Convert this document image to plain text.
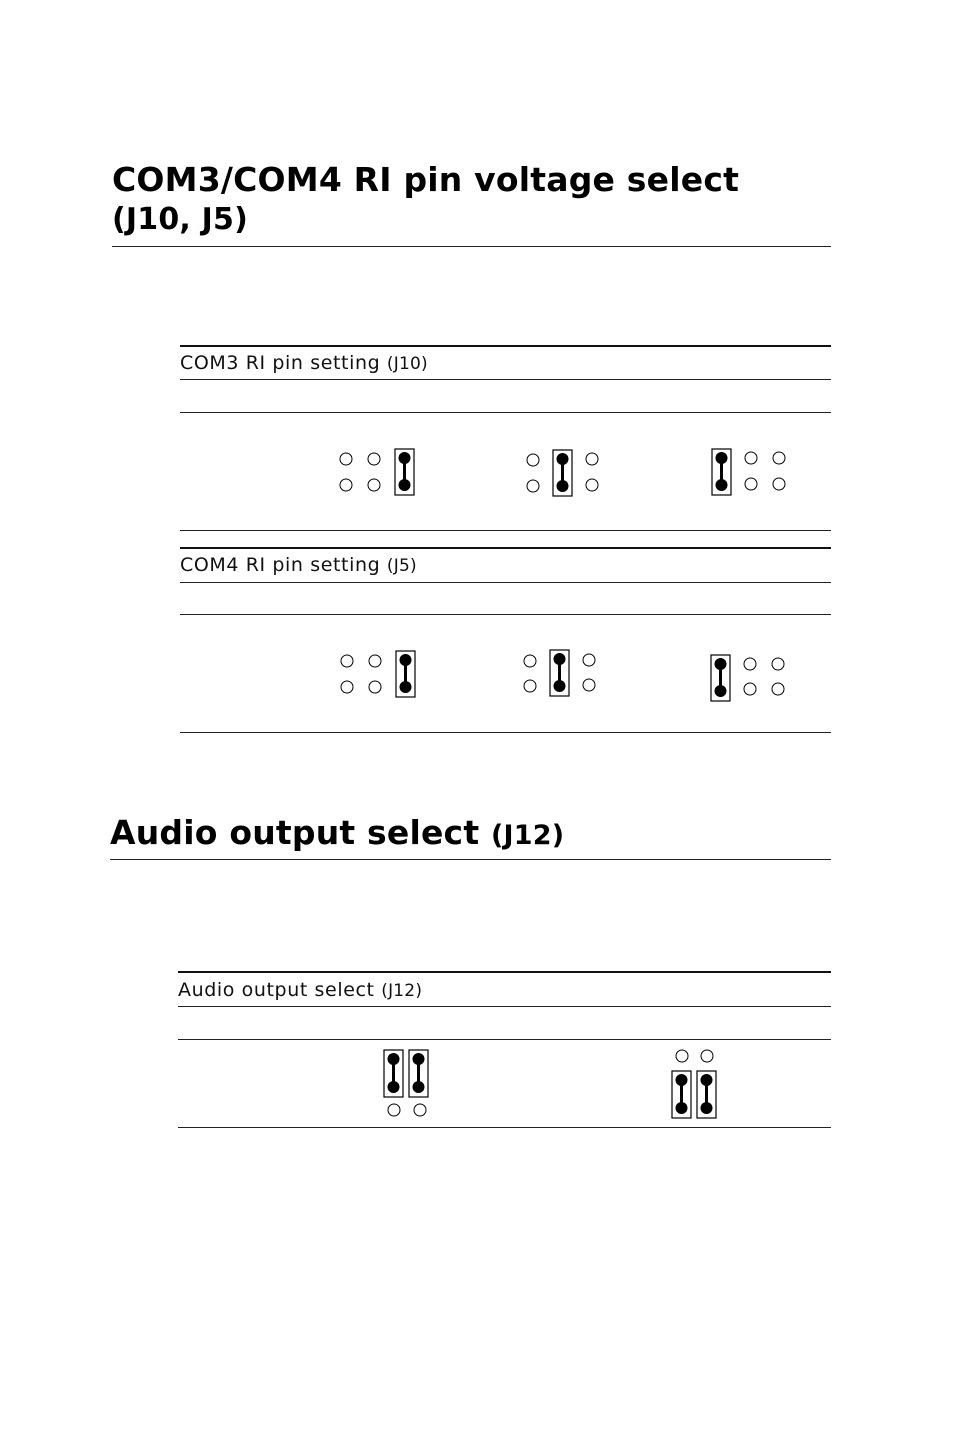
COM3/COM4 RI pin voltage select
(J10, J5)
COM3 RI pin setting (J10)
COM4 RI pin setting (J5)
Audio output select (J12)
Audio output select (J12)
